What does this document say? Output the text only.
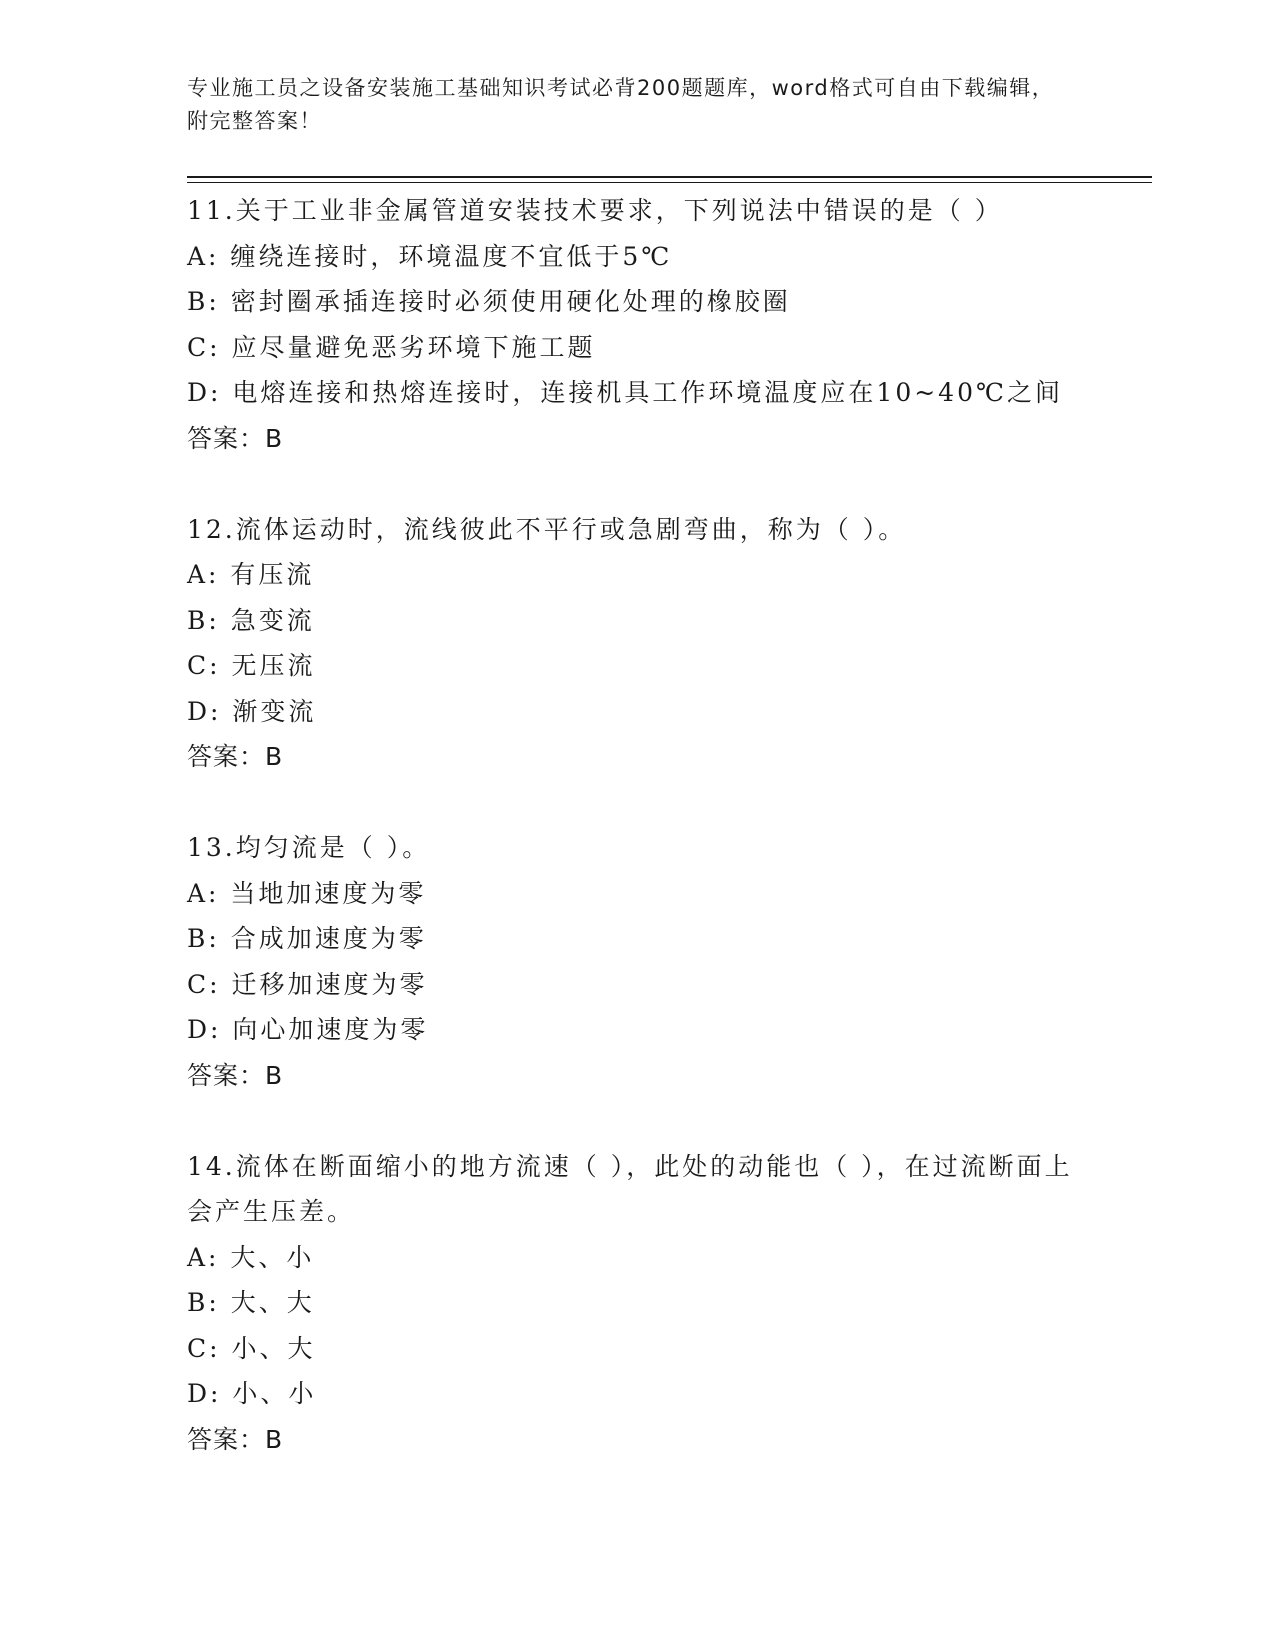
专业施工员之设备安装施工基础知识考试必背200题题库，word格式可自由下载编辑，附完整答案！
11.关于工业非金属管道安装技术要求，下列说法中错误的是（ ）
A: 缠绕连接时，环境温度不宜低于5℃
B: 密封圈承插连接时必须使用硬化处理的橡胶圈
C: 应尽量避免恶劣环境下施工题
D: 电熔连接和热熔连接时，连接机具工作环境温度应在10~40℃之间
答案：B
12.流体运动时，流线彼此不平行或急剧弯曲，称为（ ）。
A: 有压流
B: 急变流
C: 无压流
D: 渐变流
答案：B
13.均匀流是（ ）。
A: 当地加速度为零
B: 合成加速度为零
C: 迁移加速度为零
D: 向心加速度为零
答案：B
14.流体在断面缩小的地方流速（ ），此处的动能也（ ），在过流断面上会产生压差。
A: 大、小
B: 大、大
C: 小、大
D: 小、小
答案：B
